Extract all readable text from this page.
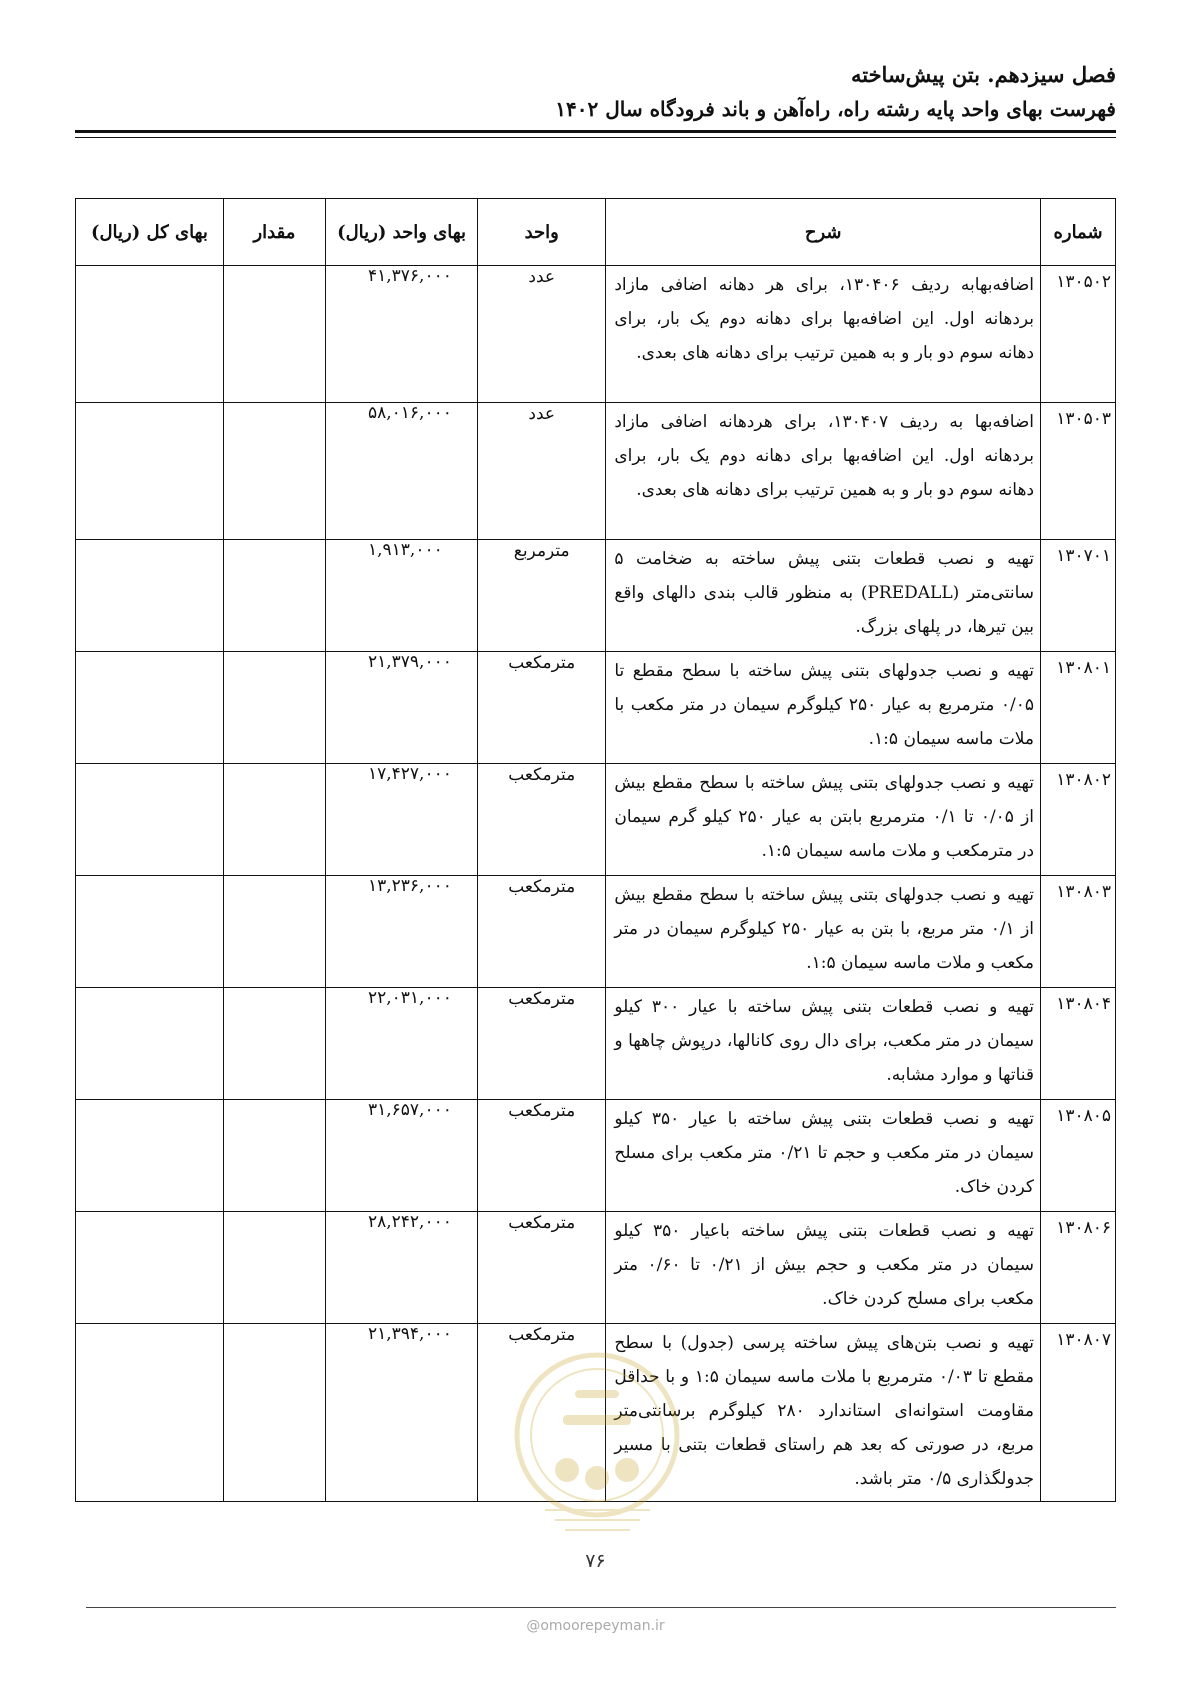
فصل سیزدهم. بتن پیش‌ساخته
فهرست بهای واحد پایه رشته راه، راه‌آهن و باند فرودگاه سال ۱۴۰۲
شماره	شرح	واحد	بهای واحد (ریال)	مقدار	بهای کل (ریال)
۱۳۰۵۰۲	اضافه‌بهابه ردیف ۱۳۰۴۰۶، برای هر دهانه اضافی مازاد بردهانه اول. این اضافه‌بها برای دهانه دوم یک بار، برای دهانه سوم دو بار و به همین ترتیب برای دهانه های بعدی.	عدد	۴۱,۳۷۶,۰۰۰		
۱۳۰۵۰۳	اضافه‌بها به ردیف ۱۳۰۴۰۷، برای هردهانه اضافی مازاد بردهانه اول. این اضافه‌بها برای دهانه دوم یک بار، برای دهانه سوم دو بار و به همین ترتیب برای دهانه های بعدی.	عدد	۵۸,۰۱۶,۰۰۰		
۱۳۰۷۰۱	تهیه و نصب قطعات بتنی پیش ساخته به ضخامت ۵ سانتی‌متر (PREDALL) به منظور قالب بندی دالهای واقع بین تیرها، در پلهای بزرگ.	مترمربع	۱,۹۱۳,۰۰۰		
۱۳۰۸۰۱	تهیه و نصب جدولهای بتنی پیش ساخته با سطح مقطع تا ۰/۰۵ مترمربع به عیار ۲۵۰ کیلوگرم سیمان در متر مکعب با ملات ماسه سیمان ۱:۵.	مترمکعب	۲۱,۳۷۹,۰۰۰		
۱۳۰۸۰۲	تهیه و نصب جدولهای بتنی پیش ساخته با سطح مقطع بیش از ۰/۰۵ تا ۰/۱ مترمربع بابتن به عیار ۲۵۰ کیلو گرم سیمان در مترمکعب و ملات ماسه سیمان ۱:۵.	مترمکعب	۱۷,۴۲۷,۰۰۰		
۱۳۰۸۰۳	تهیه و نصب جدولهای بتنی پیش ساخته با سطح مقطع بیش از ۰/۱ متر مربع، با بتن به عیار ۲۵۰ کیلوگرم سیمان در متر مکعب و ملات ماسه سیمان ۱:۵.	مترمکعب	۱۳,۲۳۶,۰۰۰		
۱۳۰۸۰۴	تهیه و نصب قطعات بتنی پیش ساخته با عیار ۳۰۰ کیلو سیمان در متر مکعب، برای دال روی کانالها، درپوش چاهها و قناتها و موارد مشابه.	مترمکعب	۲۲,۰۳۱,۰۰۰		
۱۳۰۸۰۵	تهیه و نصب قطعات بتنی پیش ساخته با عیار ۳۵۰ کیلو سیمان در متر مکعب و حجم تا ۰/۲۱ متر مکعب برای مسلح کردن خاک.	مترمکعب	۳۱,۶۵۷,۰۰۰		
۱۳۰۸۰۶	تهیه و نصب قطعات بتنی پیش ساخته باعیار ۳۵۰ کیلو سیمان در متر مکعب و حجم بیش از ۰/۲۱ تا ۰/۶۰ متر مکعب برای مسلح کردن خاک.	مترمکعب	۲۸,۲۴۲,۰۰۰		
۱۳۰۸۰۷	تهیه و نصب بتن‌های پیش ساخته پرسی (جدول) با سطح مقطع تا ۰/۰۳ مترمربع با ملات ماسه سیمان ۱:۵ و با حداقل مقاومت استوانه‌ای استاندارد ۲۸۰ کیلوگرم برسانتی‌متر مربع، در صورتی که بعد هم راستای قطعات بتنی با مسیر جدولگذاری ۰/۵ متر باشد.	مترمکعب	۲۱,۳۹۴,۰۰۰		
۷۶
@omoorepeyman.ir
